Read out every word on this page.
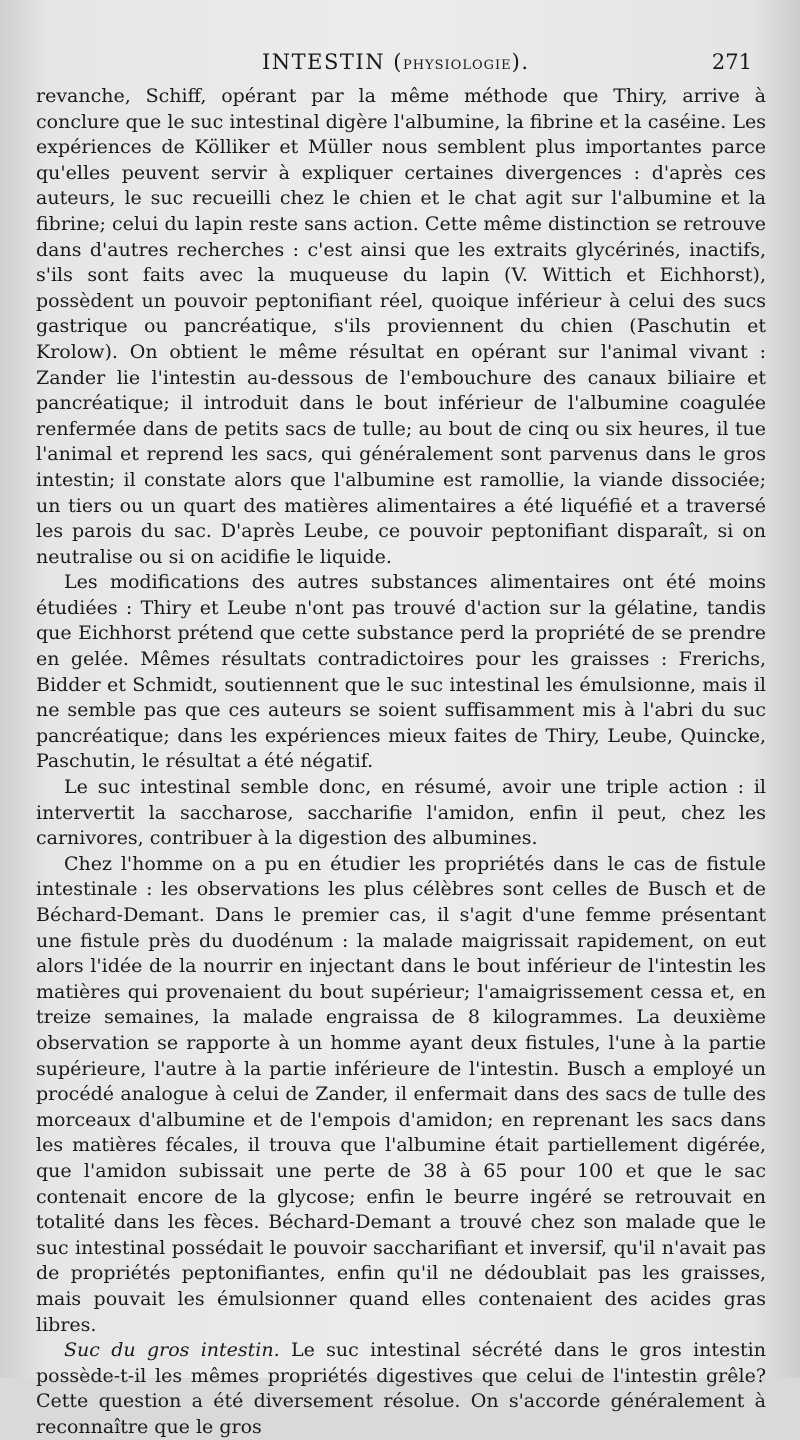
INTESTIN (PHYSIOLOGIE).	271

revanche, Schiff, opérant par la même méthode que Thiry, arrive à conclure que le suc intestinal digère l'albumine, la fibrine et la caséine. Les expériences de Kölliker et Müller nous semblent plus importantes parce qu'elles peuvent servir à expliquer certaines divergences : d'après ces auteurs, le suc recueilli chez le chien et le chat agit sur l'albumine et la fibrine; celui du lapin reste sans action. Cette même distinction se retrouve dans d'autres recherches : c'est ainsi que les extraits glycérinés, inactifs, s'ils sont faits avec la muqueuse du lapin (V. Wittich et Eichhorst), possèdent un pouvoir peptonifiant réel, quoique inférieur à celui des sucs gastrique ou pancréatique, s'ils proviennent du chien (Paschutin et Krolow). On obtient le même résultat en opérant sur l'animal vivant : Zander lie l'intestin au-dessous de l'embouchure des canaux biliaire et pancréatique; il introduit dans le bout inférieur de l'albumine coagulée renfermée dans de petits sacs de tulle; au bout de cinq ou six heures, il tue l'animal et reprend les sacs, qui généralement sont parvenus dans le gros intestin; il constate alors que l'albumine est ramollie, la viande dissociée; un tiers ou un quart des matières alimentaires a été liquéfié et a traversé les parois du sac. D'après Leube, ce pouvoir peptonifiant disparaît, si on neutralise ou si on acidifie le liquide.

Les modifications des autres substances alimentaires ont été moins étudiées : Thiry et Leube n'ont pas trouvé d'action sur la gélatine, tandis que Eichhorst prétend que cette substance perd la propriété de se prendre en gelée. Mêmes résultats contradictoires pour les graisses : Frerichs, Bidder et Schmidt, soutiennent que le suc intestinal les émulsionne, mais il ne semble pas que ces auteurs se soient suffisamment mis à l'abri du suc pancréatique; dans les expériences mieux faites de Thiry, Leube, Quincke, Paschutin, le résultat a été négatif.

Le suc intestinal semble donc, en résumé, avoir une triple action : il intervertit la saccharose, saccharifie l'amidon, enfin il peut, chez les carnivores, contribuer à la digestion des albumines.

Chez l'homme on a pu en étudier les propriétés dans le cas de fistule intestinale : les observations les plus célèbres sont celles de Busch et de Béchard-Demant. Dans le premier cas, il s'agit d'une femme présentant une fistule près du duodénum : la malade maigrissait rapidement, on eut alors l'idée de la nourrir en injectant dans le bout inférieur de l'intestin les matières qui provenaient du bout supérieur; l'amaigrissement cessa et, en treize semaines, la malade engraissa de 8 kilogrammes. La deuxième observation se rapporte à un homme ayant deux fistules, l'une à la partie supérieure, l'autre à la partie inférieure de l'intestin. Busch a employé un procédé analogue à celui de Zander, il enfermait dans des sacs de tulle des morceaux d'albumine et de l'empois d'amidon; en reprenant les sacs dans les matières fécales, il trouva que l'albumine était partiellement digérée, que l'amidon subissait une perte de 38 à 65 pour 100 et que le sac contenait encore de la glycose; enfin le beurre ingéré se retrouvait en totalité dans les fèces. Béchard-Demant a trouvé chez son malade que le suc intestinal possédait le pouvoir saccharifiant et inversif, qu'il n'avait pas de propriétés peptonifiantes, enfin qu'il ne dédoublait pas les graisses, mais pouvait les émulsionner quand elles contenaient des acides gras libres.

Suc du gros intestin. Le suc intestinal sécrété dans le gros intestin possède-t-il les mêmes propriétés digestives que celui de l'intestin grêle? Cette question a été diversement résolue. On s'accorde généralement à reconnaître que le gros
